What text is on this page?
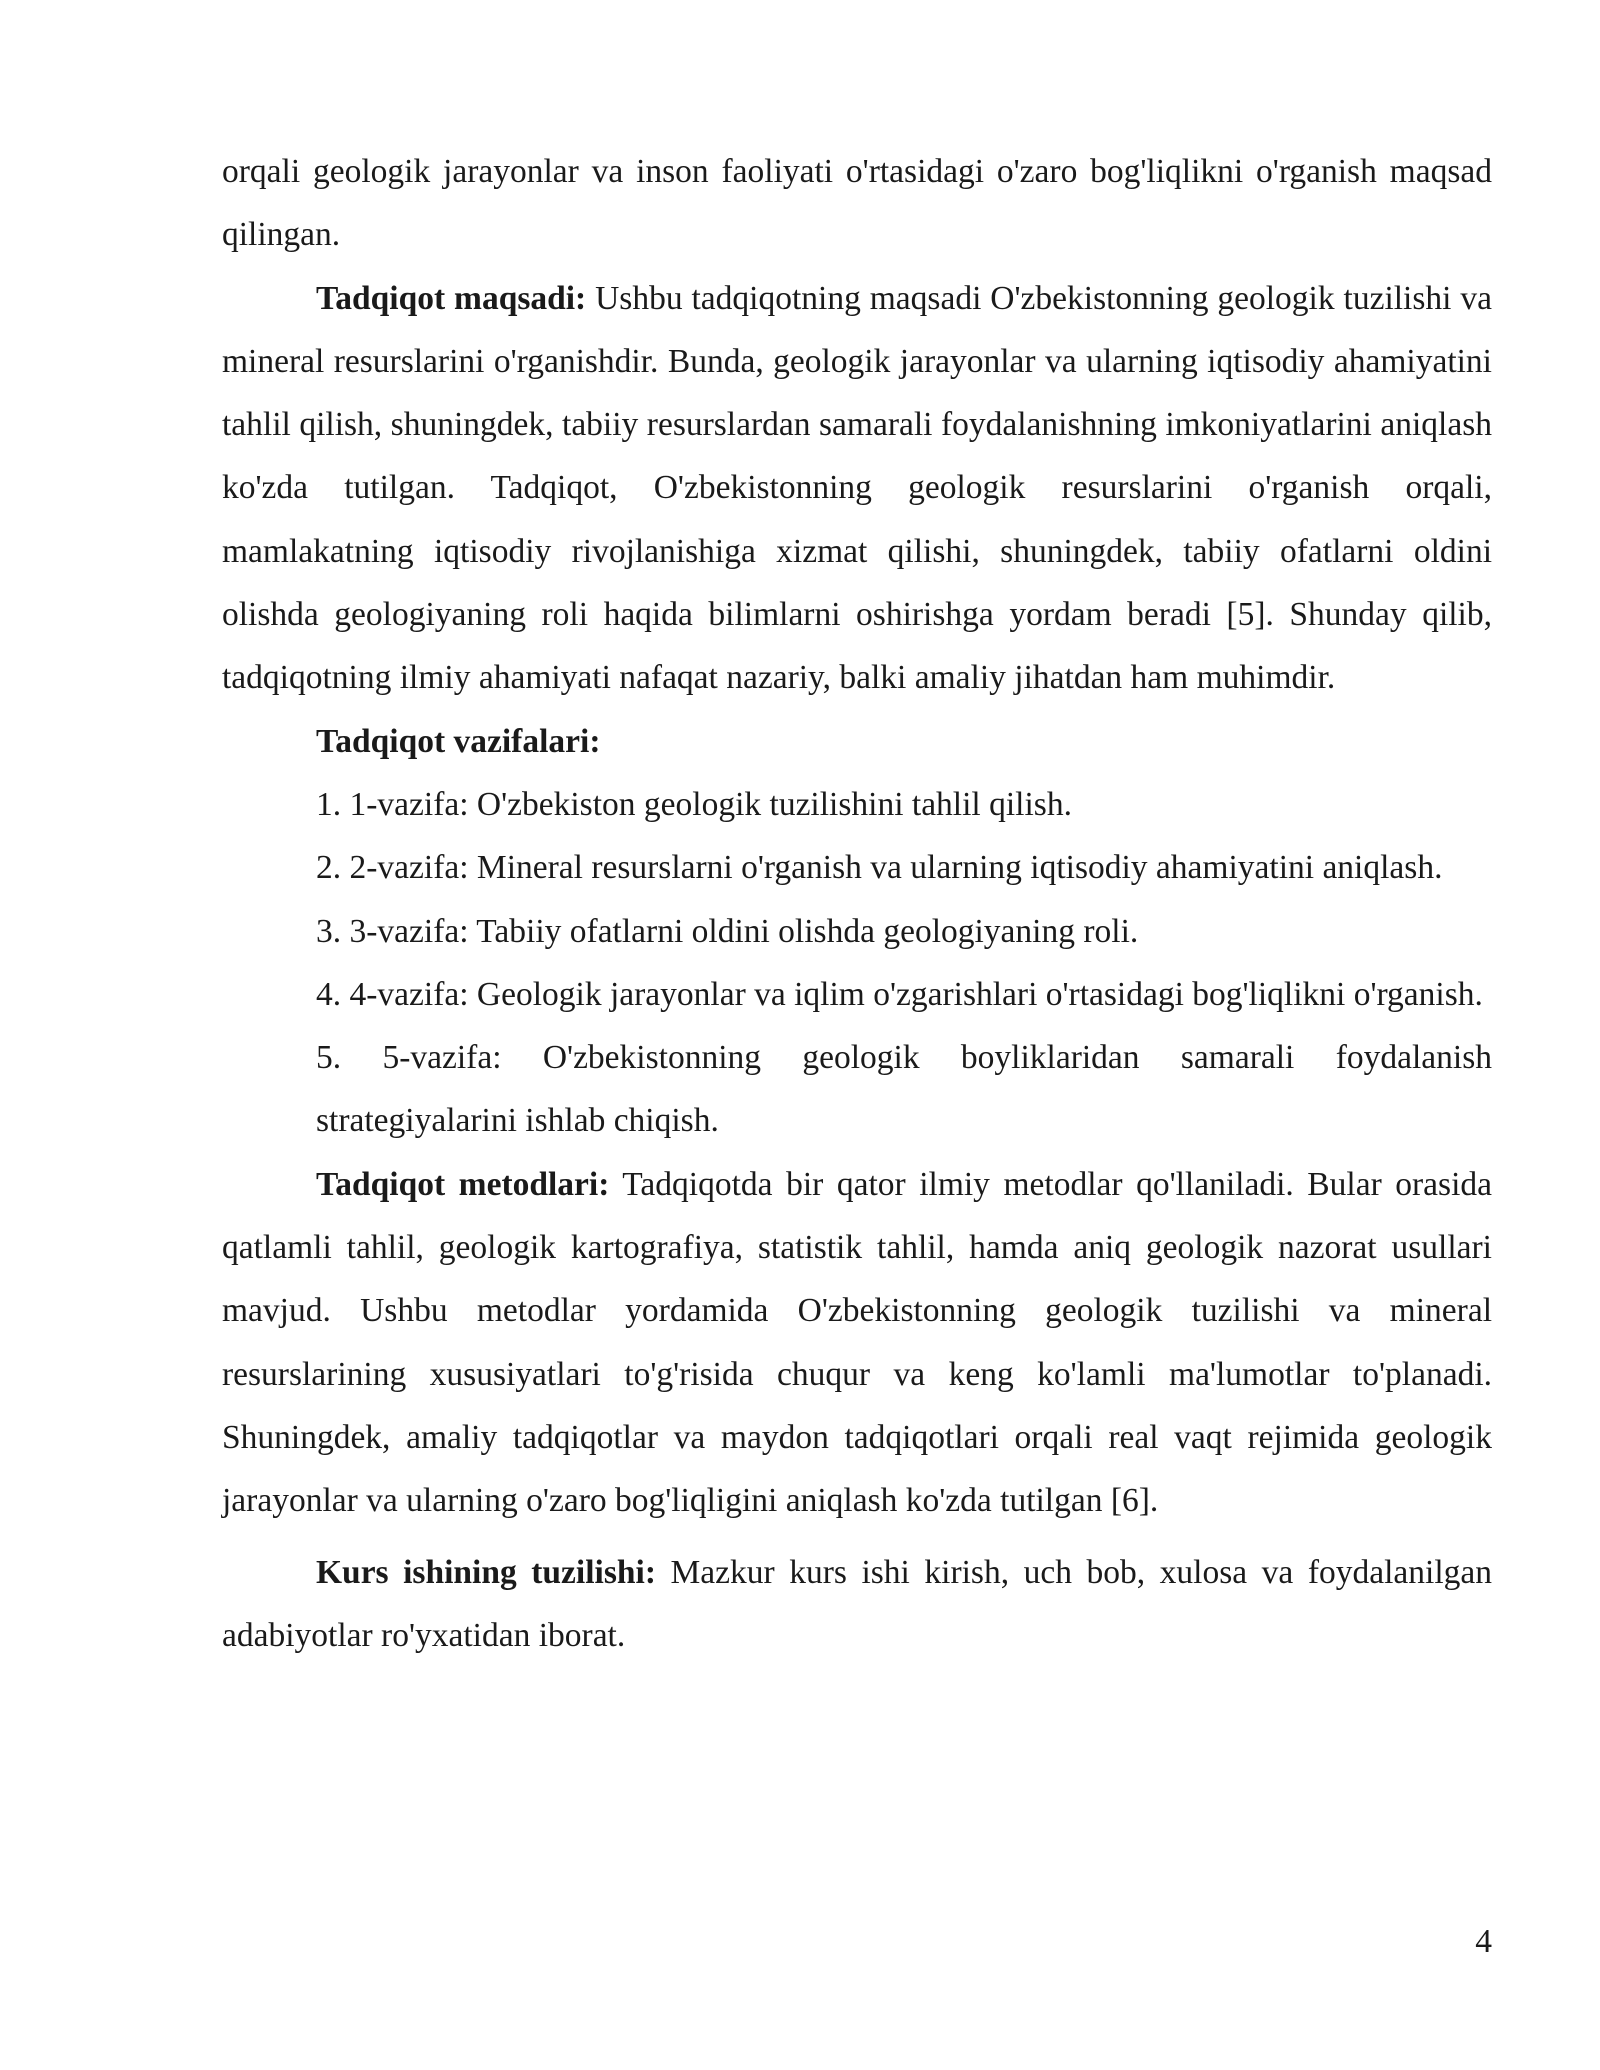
orqali geologik jarayonlar va inson faoliyati o'rtasidagi o'zaro bog'liqlikni o'rganish maqsad qilingan.

Tadqiqot maqsadi: Ushbu tadqiqotning maqsadi O'zbekistonning geologik tuzilishi va mineral resurslarini o'rganishdir. Bunda, geologik jarayonlar va ularning iqtisodiy ahamiyatini tahlil qilish, shuningdek, tabiiy resurslardan samarali foydalanishning imkoniyatlarini aniqlash ko'zda tutilgan. Tadqiqot, O'zbekistonning geologik resurslarini o'rganish orqali, mamlakatning iqtisodiy rivojlanishiga xizmat qilishi, shuningdek, tabiiy ofatlarni oldini olishda geologiyaning roli haqida bilimlarni oshirishga yordam beradi [5]. Shunday qilib, tadqiqotning ilmiy ahamiyati nafaqat nazariy, balki amaliy jihatdan ham muhimdir.

Tadqiqot vazifalari:

1. 1-vazifa: O'zbekiston geologik tuzilishini tahlil qilish.

2. 2-vazifa: Mineral resurslarni o'rganish va ularning iqtisodiy ahamiyatini aniqlash.

3. 3-vazifa: Tabiiy ofatlarni oldini olishda geologiyaning roli.

4. 4-vazifa: Geologik jarayonlar va iqlim o'zgarishlari o'rtasidagi bog'liqlikni o'rganish.

5. 5-vazifa: O'zbekistonning geologik boyliklaridan samarali foydalanish strategiyalarini ishlab chiqish.

Tadqiqot metodlari: Tadqiqotda bir qator ilmiy metodlar qo'llaniladi. Bular orasida qatlamli tahlil, geologik kartografiya, statistik tahlil, hamda aniq geologik nazorat usullari mavjud. Ushbu metodlar yordamida O'zbekistonning geologik tuzilishi va mineral resurslarining xususiyatlari to'g'risida chuqur va keng ko'lamli ma'lumotlar to'planadi. Shuningdek, amaliy tadqiqotlar va maydon tadqiqotlari orqali real vaqt rejimida geologik jarayonlar va ularning o'zaro bog'liqligini aniqlash ko'zda tutilgan [6].

Kurs ishining tuzilishi: Mazkur kurs ishi kirish, uch bob, xulosa va foydalanilgan adabiyotlar ro'yxatidan iborat.

4
